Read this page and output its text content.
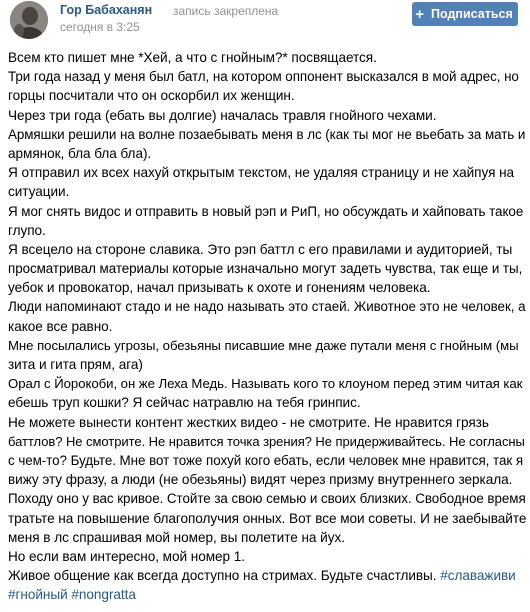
Гор Бабаханян запись закреплена
сегодня в 3:25
+ Подписаться
Всем кто пишет мне *Хей, а что с гнойным?* посвящается.
Три года назад у меня был батл, на котором оппонент высказался в мой адрес, но
горцы посчитали что он оскорбил их женщин.
Через три года (ебать вы долгие) началась травля гнойного чехами.
Армяшки решили на волне позаебывать меня в лс (как ты мог не вьебать за мать и
армянок, бла бла бла).
Я отправил их всех нахуй открытым текстом, не удаляя страницу и не хайпуя на
ситуации.
Я мог снять видос и отправить в новый рэп и РиП, но обсуждать и хайповать такое
глупо.
Я всецело на стороне славика. Это рэп баттл с его правилами и аудиторией, ты
просматривал материалы которые изначально могут задеть чувства, так еще и ты,
уебок и провокатор, начал призывать к охоте и гонениям человека.
Люди напоминают стадо и не надо называть это стаей. Животное это не человек, а
какое все равно.
Мне посылались угрозы, обезьяны писавшие мне даже путали меня с гнойным (мы
зита и гита прям, ага)
Орал с Йорокоби, он же Леха Медь. Называть кого то клоуном перед этим читая как
ебешь труп кошки? Я сейчас натравлю на тебя гринпис.
Не можете вынести контент жестких видео - не смотрите. Не нравится грязь
баттлов? Не смотрите. Не нравится точка зрения? Не придерживайтесь. Не согласны
с чем-то? Будьте. Мне вот тоже похуй кого ебать, если человек мне нравится, так я
вижу эту фразу, а люди (не обезьяны) видят через призму внутреннего зеркала.
Походу оно у вас кривое. Стойте за свою семью и своих близких. Свободное время
тратьте на повышение благополучия онных. Вот все мои советы. И не заебывайте
меня в лс спрашивая мой номер, вы полетите на йух.
Но если вам интересно, мой номер 1.
Живое общение как всегда доступно на стримах. Будьте счастливы. #славаживи
#гнойный #nongratta
